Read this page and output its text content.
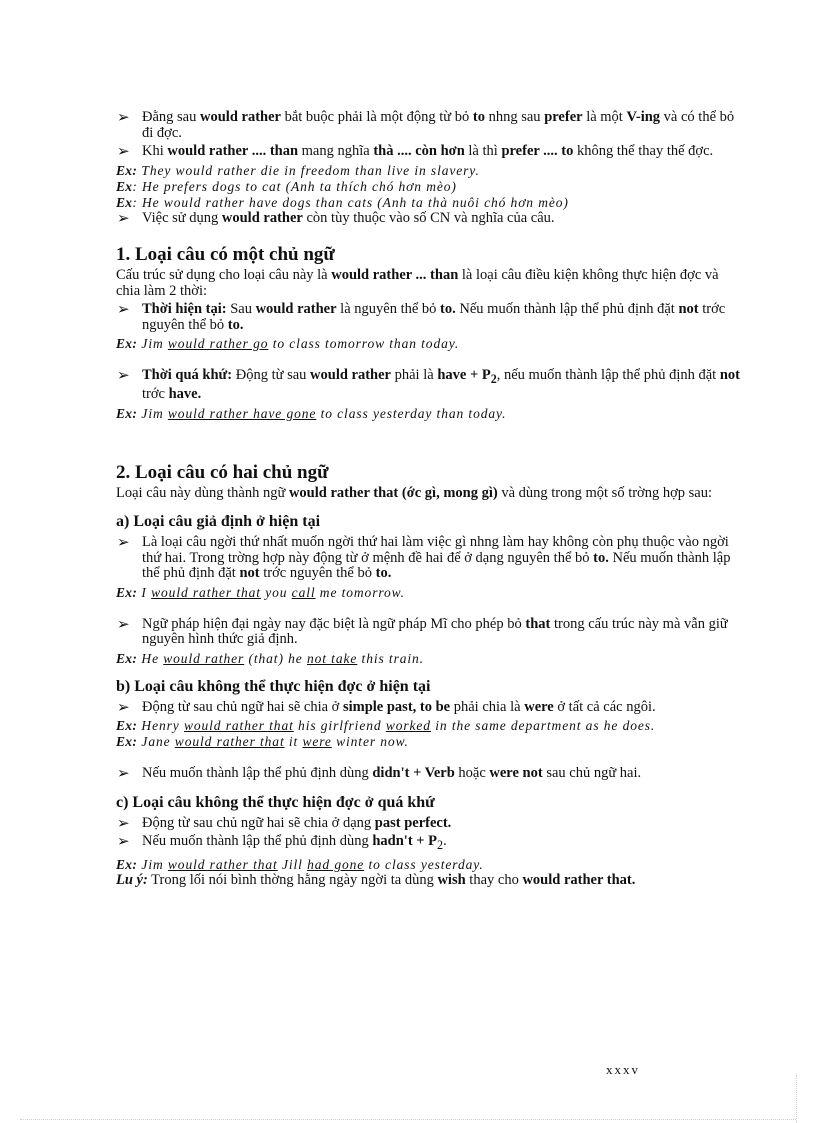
➢ Đằng sau would rather bắt buộc phải là một động từ bỏ to nhng sau prefer là một V-ing và có thể bỏ đi đợc.
➢ Khi would rather .... than mang nghĩa thà .... còn hơn là thì prefer .... to không thể thay thế đợc.
Ex: They would rather die in freedom than live in slavery.
Ex: He prefers dogs to cat (Anh ta thích chó hơn mèo)
Ex: He would rather have dogs than cats (Anh ta thà nuôi chó hơn mèo)
➢ Việc sử dụng would rather còn tùy thuộc vào số CN và nghĩa của câu.
1. Loại câu có một chủ ngữ

Cấu trúc sử dụng cho loại câu này là would rather ... than là loại câu điều kiện không thực hiện đợc và chia làm 2 thời:

➢ Thời hiện tại: Sau would rather là nguyên thể bỏ to. Nếu muốn thành lập thể phủ định đặt not trớc nguyên thể bỏ to.
Ex: Jim would rather go to class tomorrow than today.
➢ Thời quá khứ: Động từ sau would rather phải là have + $P_2$, nếu muốn thành lập thể phủ định đặt not trớc have.
Ex: Jim would rather have gone to class yesterday than today.
2. Loại câu có hai chủ ngữ

Loại câu này dùng thành ngữ would rather that (ớc gì, mong gì) và dùng trong một số trờng hợp sau:

a) Loại câu giả định ở hiện tại
➢ Là loại câu ngời thứ nhất muốn ngời thứ hai làm việc gì nhng làm hay không còn phụ thuộc vào ngời thứ hai. Trong trờng hợp này động từ ở mệnh đề hai để ở dạng nguyên thể bỏ to. Nếu muốn thành lập thể phủ định đặt not trớc nguyên thể bỏ to.
Ex: I would rather that you call me tomorrow.
➢ Ngữ pháp hiện đại ngày nay đặc biệt là ngữ pháp Mĩ cho phép bỏ that trong cấu trúc này mà vẫn giữ nguyên hình thức giả định.
Ex: He would rather (that) he not take this train.
b) Loại câu không thể thực hiện đợc ở hiện tại
➢ Động từ sau chủ ngữ hai sẽ chia ở simple past, to be phải chia là were ở tất cả các ngôi.
Ex: Henry would rather that his girlfriend worked in the same department as he does.
Ex: Jane would rather that it were winter now.
➢ Nếu muốn thành lập thể phủ định dùng didn't + Verb hoặc were not sau chủ ngữ hai.
c) Loại câu không thể thực hiện đợc ở quá khứ
➢ Động từ sau chủ ngữ hai sẽ chia ở dạng past perfect.
➢ Nếu muốn thành lập thể phủ định dùng hadn't + $P_2$.
Ex: Jim would rather that Jill had gone to class yesterday.

Lu ý: Trong lối nói bình thờng hằng ngày ngời ta dùng wish thay cho would rather that.

xxxv
